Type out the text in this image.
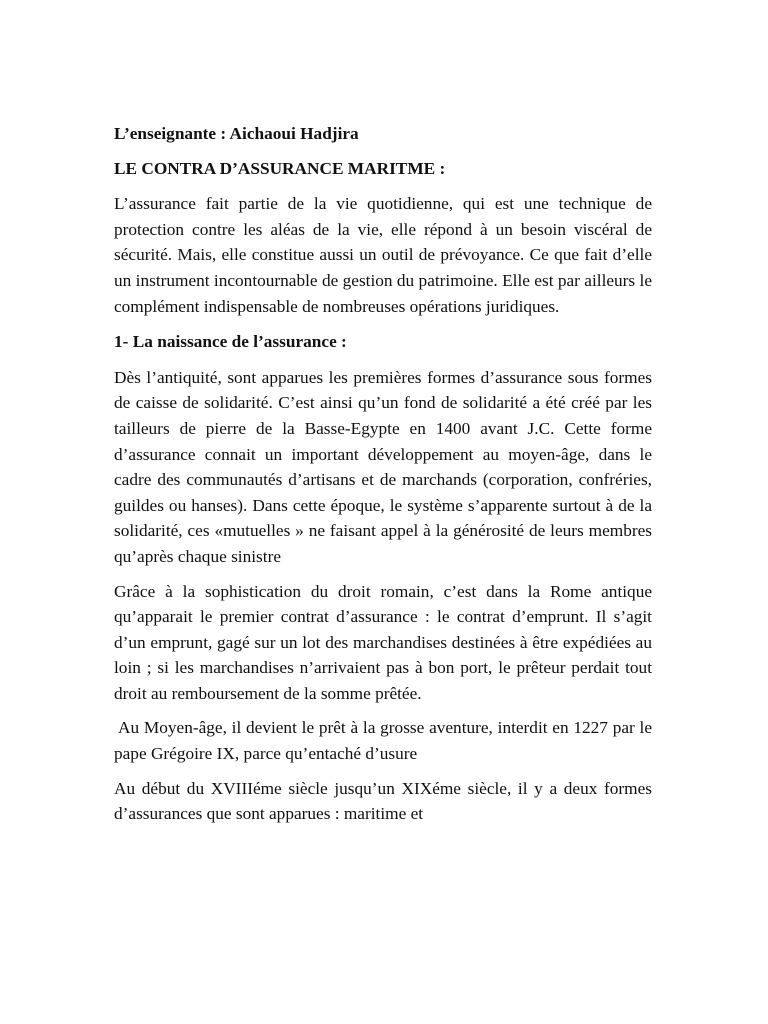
L’enseignante : Aichaoui Hadjira

LE CONTRA D’ASSURANCE MARITME :

L’assurance fait partie de la vie quotidienne, qui est une technique de protection contre les aléas de la vie, elle répond à un besoin viscéral de sécurité. Mais, elle constitue aussi un outil de prévoyance. Ce que fait d’elle un instrument incontournable de gestion du patrimoine. Elle est par ailleurs le complément indispensable de nombreuses opérations juridiques.

1- La naissance de l’assurance :

Dès l’antiquité, sont apparues les premières formes d’assurance sous formes de caisse de solidarité. C’est ainsi qu’un fond de solidarité a été créé par les tailleurs de pierre de la Basse-Egypte en 1400 avant J.C. Cette forme d’assurance connait un important développement au moyen-âge, dans le cadre des communautés d’artisans et de marchands (corporation, confréries, guildes ou hanses). Dans cette époque, le système s’apparente surtout à de la solidarité, ces «mutuelles » ne faisant appel à la générosité de leurs membres qu’après chaque sinistre

Grâce à la sophistication du droit romain, c’est dans la Rome antique qu’apparait le premier contrat d’assurance : le contrat d’emprunt. Il s’agit d’un emprunt, gagé sur un lot des marchandises destinées à être expédiées au loin ; si les marchandises n’arrivaient pas à bon port, le prêteur perdait tout droit au remboursement de la somme prêtée.

Au Moyen-âge, il devient le prêt à la grosse aventure, interdit en 1227 par le pape Grégoire IX, parce qu’entaché d’usure

Au début du XVIIIéme siècle jusqu’un XIXéme siècle, il y a deux formes d’assurances que sont apparues : maritime et
